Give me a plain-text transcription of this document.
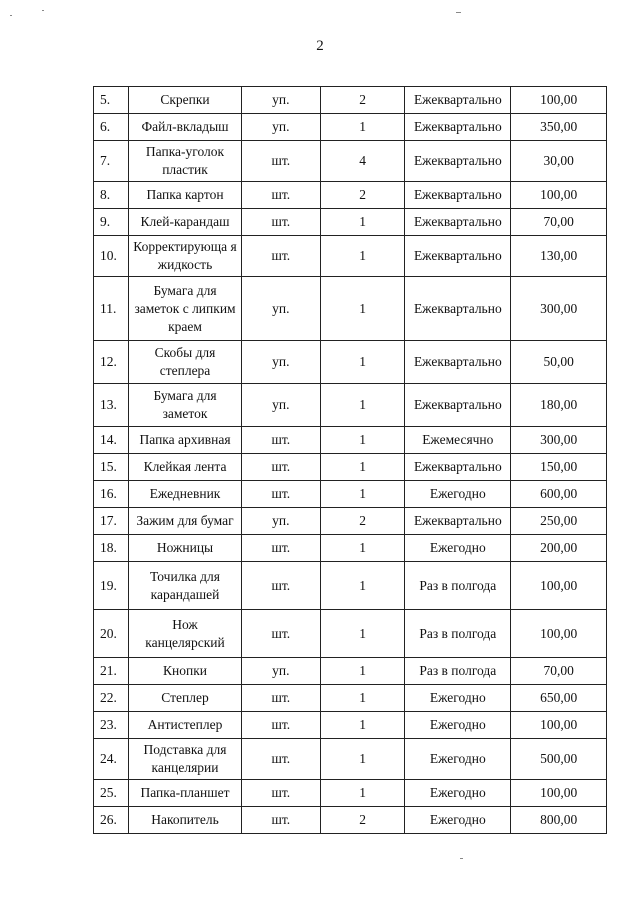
2
5.	Скрепки	уп.	2	Ежеквартально	100,00
6.	Файл-вкладыш	уп.	1	Ежеквартально	350,00
7.	Папка-уголок пластик	шт.	4	Ежеквартально	30,00
8.	Папка картон	шт.	2	Ежеквартально	100,00
9.	Клей-карандаш	шт.	1	Ежеквартально	70,00
10.	Корректирующа я жидкость	шт.	1	Ежеквартально	130,00
11.	Бумага для заметок с липким краем	уп.	1	Ежеквартально	300,00
12.	Скобы для степлера	уп.	1	Ежеквартально	50,00
13.	Бумага для заметок	уп.	1	Ежеквартально	180,00
14.	Папка архивная	шт.	1	Ежемесячно	300,00
15.	Клейкая лента	шт.	1	Ежеквартально	150,00
16.	Ежедневник	шт.	1	Ежегодно	600,00
17.	Зажим для бумаг	уп.	2	Ежеквартально	250,00
18.	Ножницы	шт.	1	Ежегодно	200,00
19.	Точилка для карандашей	шт.	1	Раз в полгода	100,00
20.	Нож канцелярский	шт.	1	Раз в полгода	100,00
21.	Кнопки	уп.	1	Раз в полгода	70,00
22.	Степлер	шт.	1	Ежегодно	650,00
23.	Антистеплер	шт.	1	Ежегодно	100,00
24.	Подставка для канцелярии	шт.	1	Ежегодно	500,00
25.	Папка-планшет	шт.	1	Ежегодно	100,00
26.	Накопитель	шт.	2	Ежегодно	800,00
